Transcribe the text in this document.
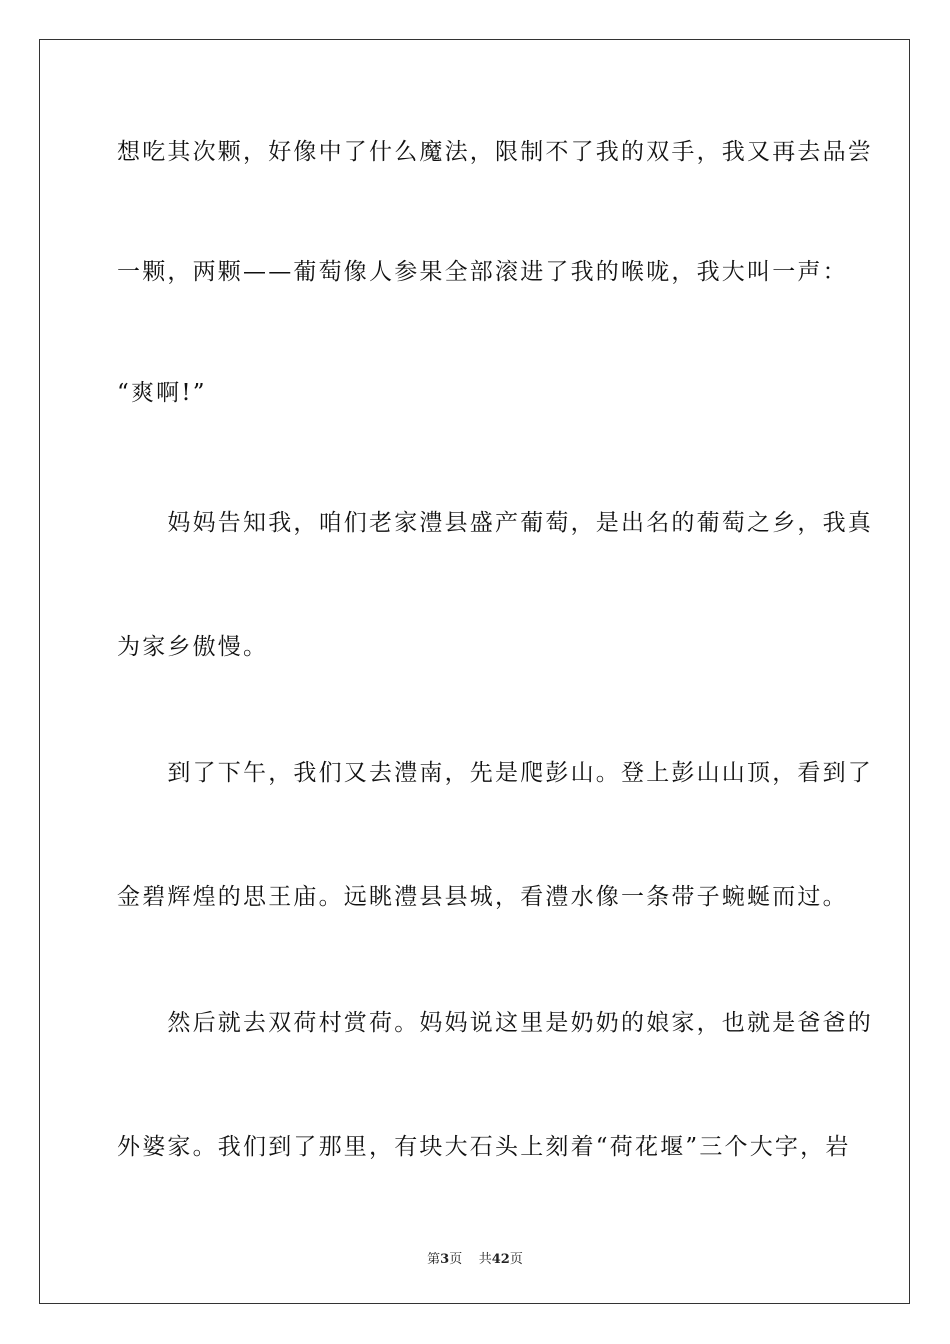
想吃其次颗，好像中了什么魔法，限制不了我的双手，我又再去品尝
一颗，两颗——葡萄像人参果全部滚进了我的喉咙，我大叫一声：
“爽啊!”
　　妈妈告知我，咱们老家澧县盛产葡萄，是出名的葡萄之乡，我真
为家乡傲慢。
　　到了下午，我们又去澧南，先是爬彭山。登上彭山山顶，看到了
金碧辉煌的思王庙。远眺澧县县城，看澧水像一条带子蜿蜒而过。
　　然后就去双荷村赏荷。妈妈说这里是奶奶的娘家，也就是爸爸的
外婆家。我们到了那里，有块大石头上刻着“荷花堰”三个大字，岩
第3页 共42页
